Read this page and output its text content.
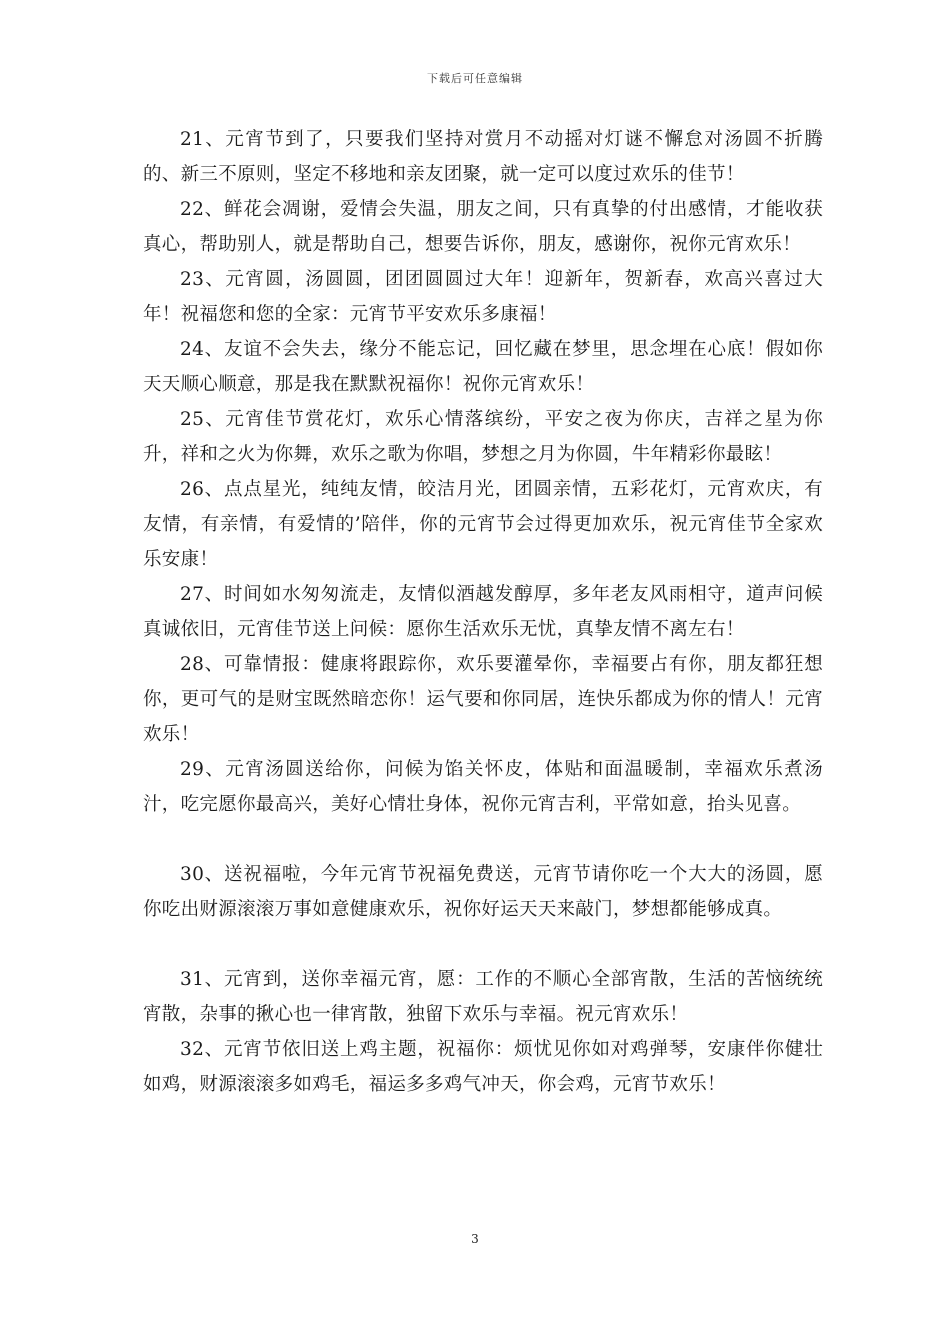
下载后可任意编辑

21、元宵节到了，只要我们坚持对赏月不动摇对灯谜不懈怠对汤圆不折腾的、新三不原则，坚定不移地和亲友团聚，就一定可以度过欢乐的佳节！

22、鲜花会凋谢，爱情会失温，朋友之间，只有真挚的付出感情，才能收获真心，帮助别人，就是帮助自己，想要告诉你，朋友，感谢你，祝你元宵欢乐！

23、元宵圆，汤圆圆，团团圆圆过大年！迎新年，贺新春，欢高兴喜过大年！祝福您和您的全家：元宵节平安欢乐多康福！

24、友谊不会失去，缘分不能忘记，回忆藏在梦里，思念埋在心底！假如你天天顺心顺意，那是我在默默祝福你！祝你元宵欢乐！

25、元宵佳节赏花灯，欢乐心情落缤纷，平安之夜为你庆，吉祥之星为你升，祥和之火为你舞，欢乐之歌为你唱，梦想之月为你圆，牛年精彩你最眩！

26、点点星光，纯纯友情，皎洁月光，团圆亲情，五彩花灯，元宵欢庆，有友情，有亲情，有爱情的’陪伴，你的元宵节会过得更加欢乐，祝元宵佳节全家欢乐安康！

27、时间如水匆匆流走，友情似酒越发醇厚，多年老友风雨相守，道声问候真诚依旧，元宵佳节送上问候：愿你生活欢乐无忧，真挚友情不离左右！

28、可靠情报：健康将跟踪你，欢乐要灌晕你，幸福要占有你，朋友都狂想你，更可气的是财宝既然暗恋你！运气要和你同居，连快乐都成为你的情人！元宵欢乐！

29、元宵汤圆送给你，问候为馅关怀皮，体贴和面温暖制，幸福欢乐煮汤汁，吃完愿你最高兴，美好心情壮身体，祝你元宵吉利，平常如意，抬头见喜。

30、送祝福啦，今年元宵节祝福免费送，元宵节请你吃一个大大的汤圆，愿你吃出财源滚滚万事如意健康欢乐，祝你好运天天来敲门，梦想都能够成真。

31、元宵到，送你幸福元宵，愿：工作的不顺心全部宵散，生活的苦恼统统宵散，杂事的揪心也一律宵散，独留下欢乐与幸福。祝元宵欢乐！

32、元宵节依旧送上鸡主题，祝福你：烦忧见你如对鸡弹琴，安康伴你健壮如鸡，财源滚滚多如鸡毛，福运多多鸡气冲天，你会鸡，元宵节欢乐！

3
